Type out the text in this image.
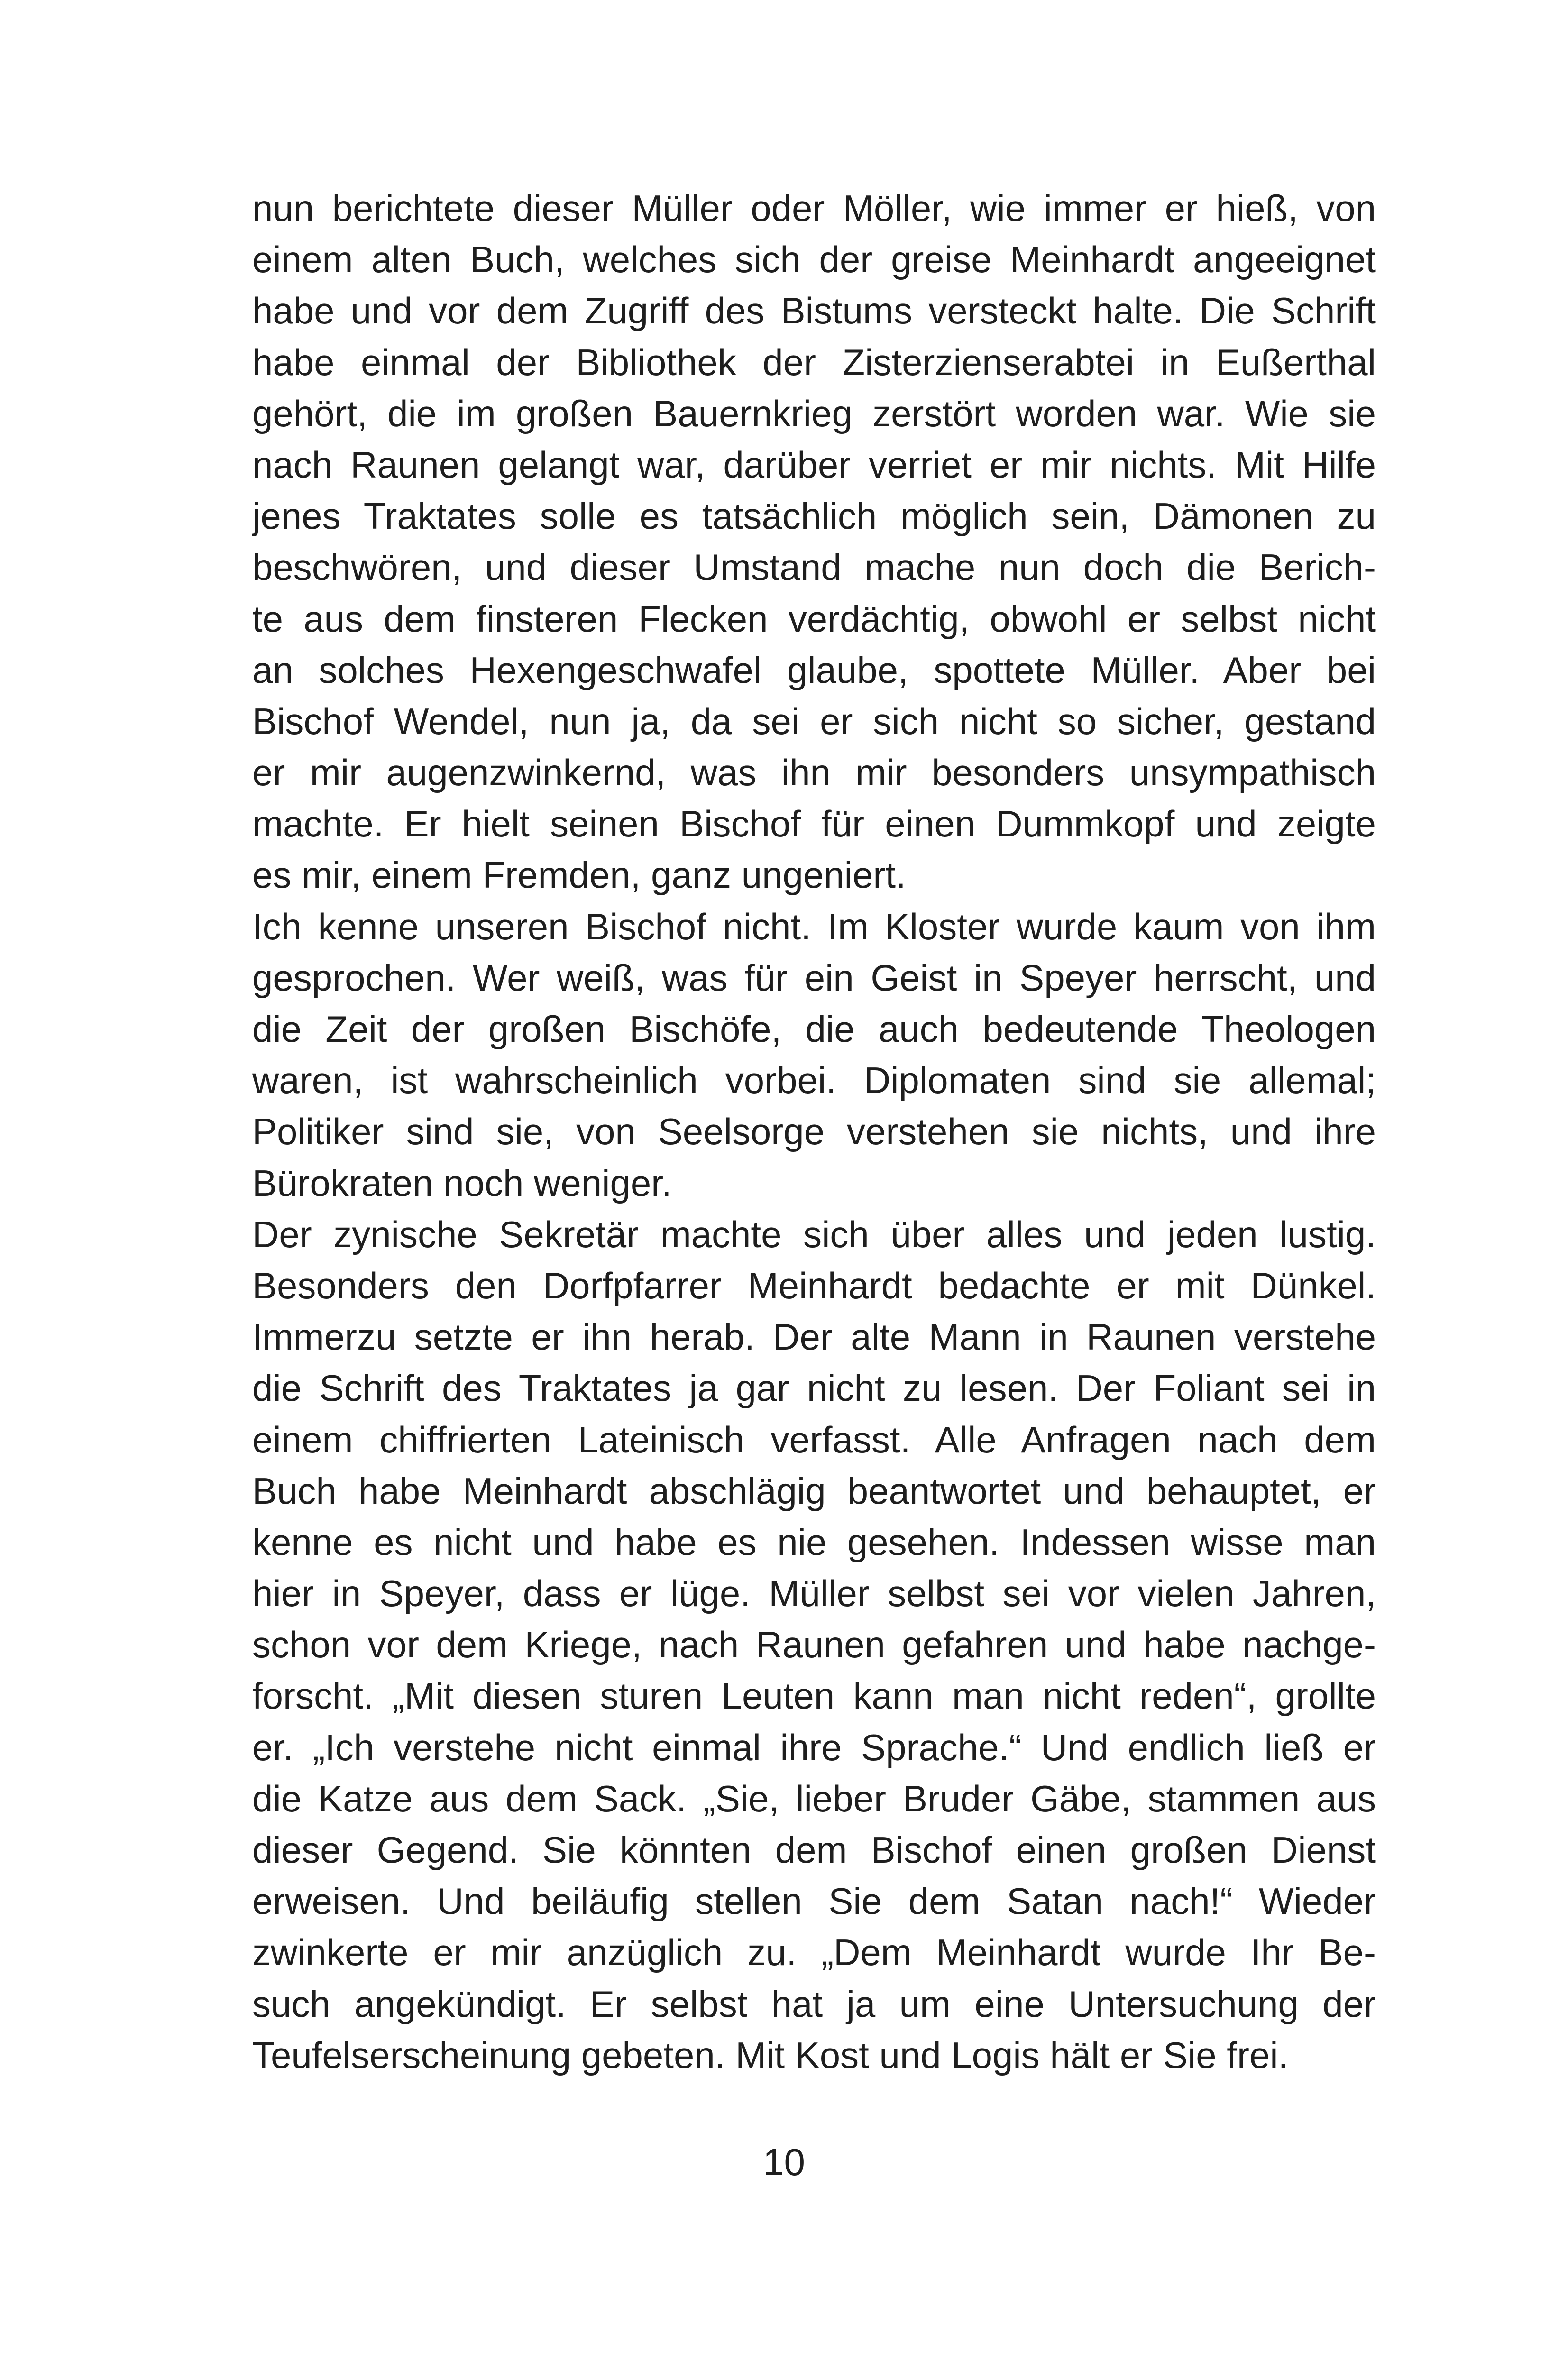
nun berichtete dieser Müller oder Möller, wie immer er hieß, von
einem alten Buch, welches sich der greise Meinhardt angeeignet
habe und vor dem Zugriff des Bistums versteckt halte. Die Schrift
habe einmal der Bibliothek der Zisterzienserabtei in Eußerthal
gehört, die im großen Bauernkrieg zerstört worden war. Wie sie
nach Raunen gelangt war, darüber verriet er mir nichts. Mit Hilfe
jenes Traktates solle es tatsächlich möglich sein, Dämonen zu
beschwören, und dieser Umstand mache nun doch die Berich-
te aus dem finsteren Flecken verdächtig, obwohl er selbst nicht
an solches Hexengeschwafel glaube, spottete Müller. Aber bei
Bischof Wendel, nun ja, da sei er sich nicht so sicher, gestand
er mir augenzwinkernd, was ihn mir besonders unsympathisch
machte. Er hielt seinen Bischof für einen Dummkopf und zeigte
es mir, einem Fremden, ganz ungeniert.
Ich kenne unseren Bischof nicht. Im Kloster wurde kaum von ihm
gesprochen. Wer weiß, was für ein Geist in Speyer herrscht, und
die Zeit der großen Bischöfe, die auch bedeutende Theologen
waren, ist wahrscheinlich vorbei. Diplomaten sind sie allemal;
Politiker sind sie, von Seelsorge verstehen sie nichts, und ihre
Bürokraten noch weniger.
Der zynische Sekretär machte sich über alles und jeden lustig.
Besonders den Dorfpfarrer Meinhardt bedachte er mit Dünkel.
Immerzu setzte er ihn herab. Der alte Mann in Raunen verstehe
die Schrift des Traktates ja gar nicht zu lesen. Der Foliant sei in
einem chiffrierten Lateinisch verfasst. Alle Anfragen nach dem
Buch habe Meinhardt abschlägig beantwortet und behauptet, er
kenne es nicht und habe es nie gesehen. Indessen wisse man
hier in Speyer, dass er lüge. Müller selbst sei vor vielen Jahren,
schon vor dem Kriege, nach Raunen gefahren und habe nachge-
forscht. „Mit diesen sturen Leuten kann man nicht reden“, grollte
er. „Ich verstehe nicht einmal ihre Sprache.“ Und endlich ließ er
die Katze aus dem Sack. „Sie, lieber Bruder Gäbe, stammen aus
dieser Gegend. Sie könnten dem Bischof einen großen Dienst
erweisen. Und beiläufig stellen Sie dem Satan nach!“ Wieder
zwinkerte er mir anzüglich zu. „Dem Meinhardt wurde Ihr Be-
such angekündigt. Er selbst hat ja um eine Untersuchung der
Teufelserscheinung gebeten. Mit Kost und Logis hält er Sie frei.
10
